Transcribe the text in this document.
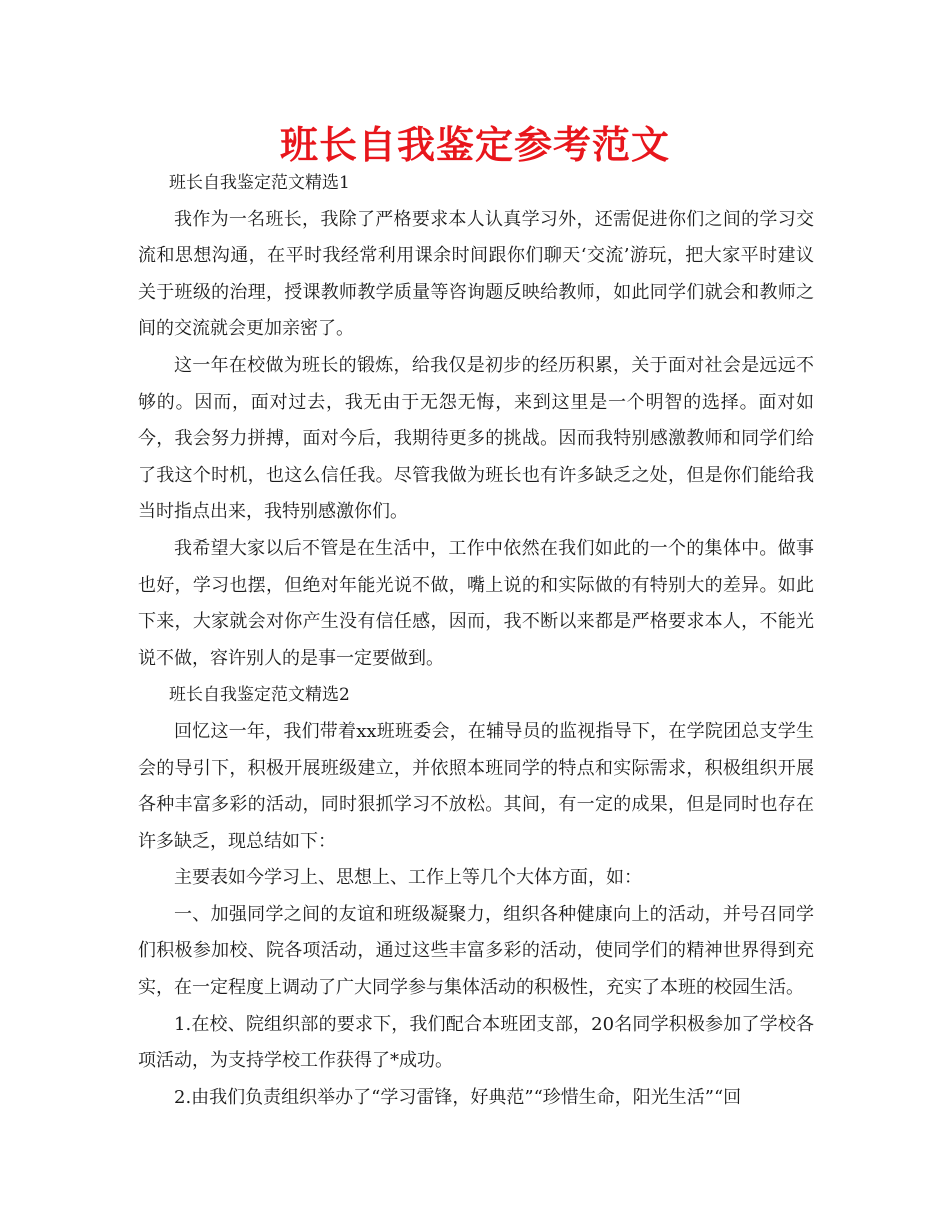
班长自我鉴定参考范文

班长自我鉴定范文精选1

我作为一名班长，我除了严格要求本人认真学习外，还需促进你们之间的学习交流和思想沟通，在平时我经常利用课余时间跟你们聊天‘交流’游玩，把大家平时建议关于班级的治理，授课教师教学质量等咨询题反映给教师，如此同学们就会和教师之间的交流就会更加亲密了。

这一年在校做为班长的锻炼，给我仅是初步的经历积累，关于面对社会是远远不够的。因而，面对过去，我无由于无怨无悔，来到这里是一个明智的选择。面对如今，我会努力拼搏，面对今后，我期待更多的挑战。因而我特别感激教师和同学们给了我这个时机，也这么信任我。尽管我做为班长也有许多缺乏之处，但是你们能给我当时指点出来，我特别感激你们。

我希望大家以后不管是在生活中，工作中依然在我们如此的一个的集体中。做事也好，学习也摆，但绝对年能光说不做，嘴上说的和实际做的有特别大的差异。如此下来，大家就会对你产生没有信任感，因而，我不断以来都是严格要求本人，不能光说不做，容许别人的是事一定要做到。

班长自我鉴定范文精选2

回忆这一年，我们带着xx班班委会，在辅导员的监视指导下，在学院团总支学生会的导引下，积极开展班级建立，并依照本班同学的特点和实际需求，积极组织开展各种丰富多彩的活动，同时狠抓学习不放松。其间，有一定的成果，但是同时也存在许多缺乏，现总结如下：

主要表如今学习上、思想上、工作上等几个大体方面，如：

一、加强同学之间的友谊和班级凝聚力，组织各种健康向上的活动，并号召同学们积极参加校、院各项活动，通过这些丰富多彩的活动，使同学们的精神世界得到充实，在一定程度上调动了广大同学参与集体活动的积极性，充实了本班的校园生活。

1.在校、院组织部的要求下，我们配合本班团支部，20名同学积极参加了学校各项活动，为支持学校工作获得了*成功。

2.由我们负责组织举办了“学习雷锋，好典范”“珍惜生命，阳光生活”“回
